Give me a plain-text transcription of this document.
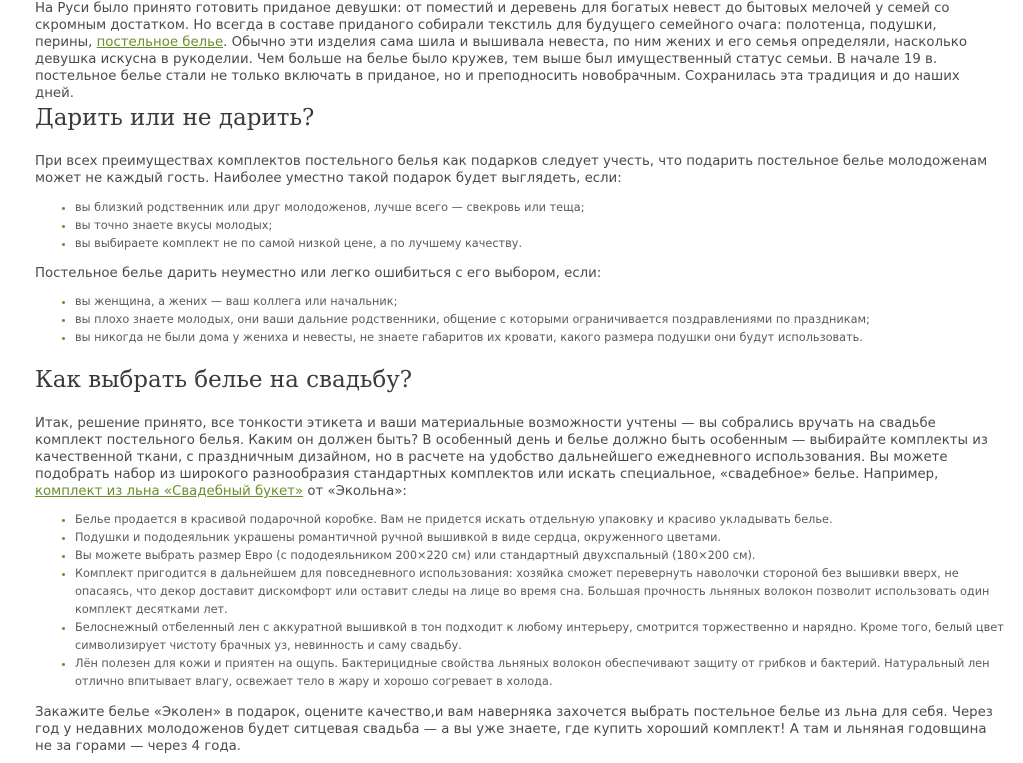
На Руси было принято готовить приданое девушки: от поместий и деревень для богатых невест до бытовых мелочей у семей со скромным достатком. Но всегда в составе приданого собирали текстиль для будущего семейного очага: полотенца, подушки, перины, постельное белье. Обычно эти изделия сама шила и вышивала невеста, по ним жених и его семья определяли, насколько девушка искусна в рукоделии. Чем больше на белье было кружев, тем выше был имущественный статус семьи. В начале 19 в. постельное белье стали не только включать в приданое, но и преподносить новобрачным. Сохранилась эта традиция и до наших дней.

Дарить или не дарить?

При всех преимуществах комплектов постельного белья как подарков следует учесть, что подарить постельное белье молодоженам может не каждый гость. Наиболее уместно такой подарок будет выглядеть, если:

• вы близкий родственник или друг молодоженов, лучше всего — свекровь или теща;
• вы точно знаете вкусы молодых;
• вы выбираете комплект не по самой низкой цене, а по лучшему качеству.

Постельное белье дарить неуместно или легко ошибиться с его выбором, если:

• вы женщина, а жених — ваш коллега или начальник;
• вы плохо знаете молодых, они ваши дальние родственники, общение с которыми ограничивается поздравлениями по праздникам;
• вы никогда не были дома у жениха и невесты, не знаете габаритов их кровати, какого размера подушки они будут использовать.
Как выбрать белье на свадьбу?

Итак, решение принято, все тонкости этикета и ваши материальные возможности учтены — вы собрались вручать на свадьбе комплект постельного белья. Каким он должен быть? В особенный день и белье должно быть особенным — выбирайте комплекты из качественной ткани, с праздничным дизайном, но в расчете на удобство дальнейшего ежедневного использования. Вы можете подобрать набор из широкого разнообразия стандартных комплектов или искать специальное, «свадебное» белье. Например, комплект из льна «Свадебный букет» от «Экольна»:

• Белье продается в красивой подарочной коробке. Вам не придется искать отдельную упаковку и красиво укладывать белье.
• Подушки и пододеяльник украшены романтичной ручной вышивкой в виде сердца, окруженного цветами.
• Вы можете выбрать размер Евро (с пододеяльником 200×220 см) или стандартный двухспальный (180×200 см).
• Комплект пригодится в дальнейшем для повседневного использования: хозяйка сможет перевернуть наволочки стороной без вышивки вверх, не опасаясь, что декор доставит дискомфорт или оставит следы на лице во время сна. Большая прочность льняных волокон позволит использовать один комплект десятками лет.
• Белоснежный отбеленный лен с аккуратной вышивкой в тон подходит к любому интерьеру, смотрится торжественно и нарядно. Кроме того, белый цвет символизирует чистоту брачных уз, невинность и саму свадьбу.
• Лён полезен для кожи и приятен на ощупь. Бактерицидные свойства льняных волокон обеспечивают защиту от грибков и бактерий. Натуральный лен отлично впитывает влагу, освежает тело в жару и хорошо согревает в холода.

Закажите белье «Эколен» в подарок, оцените качество,и вам наверняка захочется выбрать постельное белье из льна для себя. Через год у недавних молодоженов будет ситцевая свадьба — а вы уже знаете, где купить хороший комплект! А там и льняная годовщина не за горами — через 4 года.
